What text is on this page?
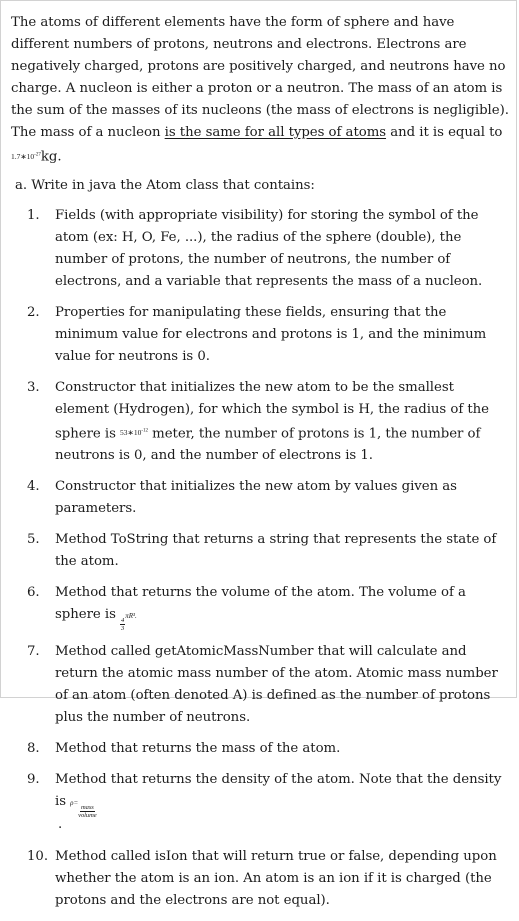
The atoms of different elements have the form of sphere and have different numbers of protons, neutrons and electrons. Electrons are negatively charged, protons are positively charged, and neutrons have no charge. A nucleon is either a proton or a neutron. The mass of an atom is the sum of the masses of its nucleons (the mass of electrons is negligible). The mass of a nucleon is the same for all types of atoms and it is equal to $1.7∗10^{-27}kg$.

a. Write in java the Atom class that contains:
1.	Fields (with appropriate visibility) for storing the symbol of the atom (ex: H, O, Fe, ...), the radius of the sphere (double), the number of protons, the number of neutrons, the number of electrons, and a variable that represents the mass of a nucleon.
2.	Properties for manipulating these fields, ensuring that the minimum value for electrons and protons is 1, and the minimum value for neutrons is 0.
3.	Constructor that initializes the new atom to be the smallest element (Hydrogen), for which the symbol is H, the radius of the sphere is $53∗10^{-12}$ meter, the number of protons is 1, the number of neutrons is 0, and the number of electrons is 1.
4.	Constructor that initializes the new atom by values given as parameters.
5.	Method ToString that returns a string that represents the state of the atom.
6.	Method that returns the volume of the atom. The volume of a sphere is
$\frac{4}{3}$
πR³.
7.	Method called getAtomicMassNumber that will calculate and return the atomic mass number of the atom. Atomic mass number of an atom (often denoted A) is defined as the number of protons plus the number of neutrons.
8.	Method that returns the mass of the atom.
9.	Method that returns the density of the atom. Note that the density is ρ=
$\frac{\text{mass}}{\text{volume}}$
.
10. Method called isIon that will return true or false, depending upon whether the atom is an ion. An atom is an ion if it is charged (the protons and the electrons are not equal).
